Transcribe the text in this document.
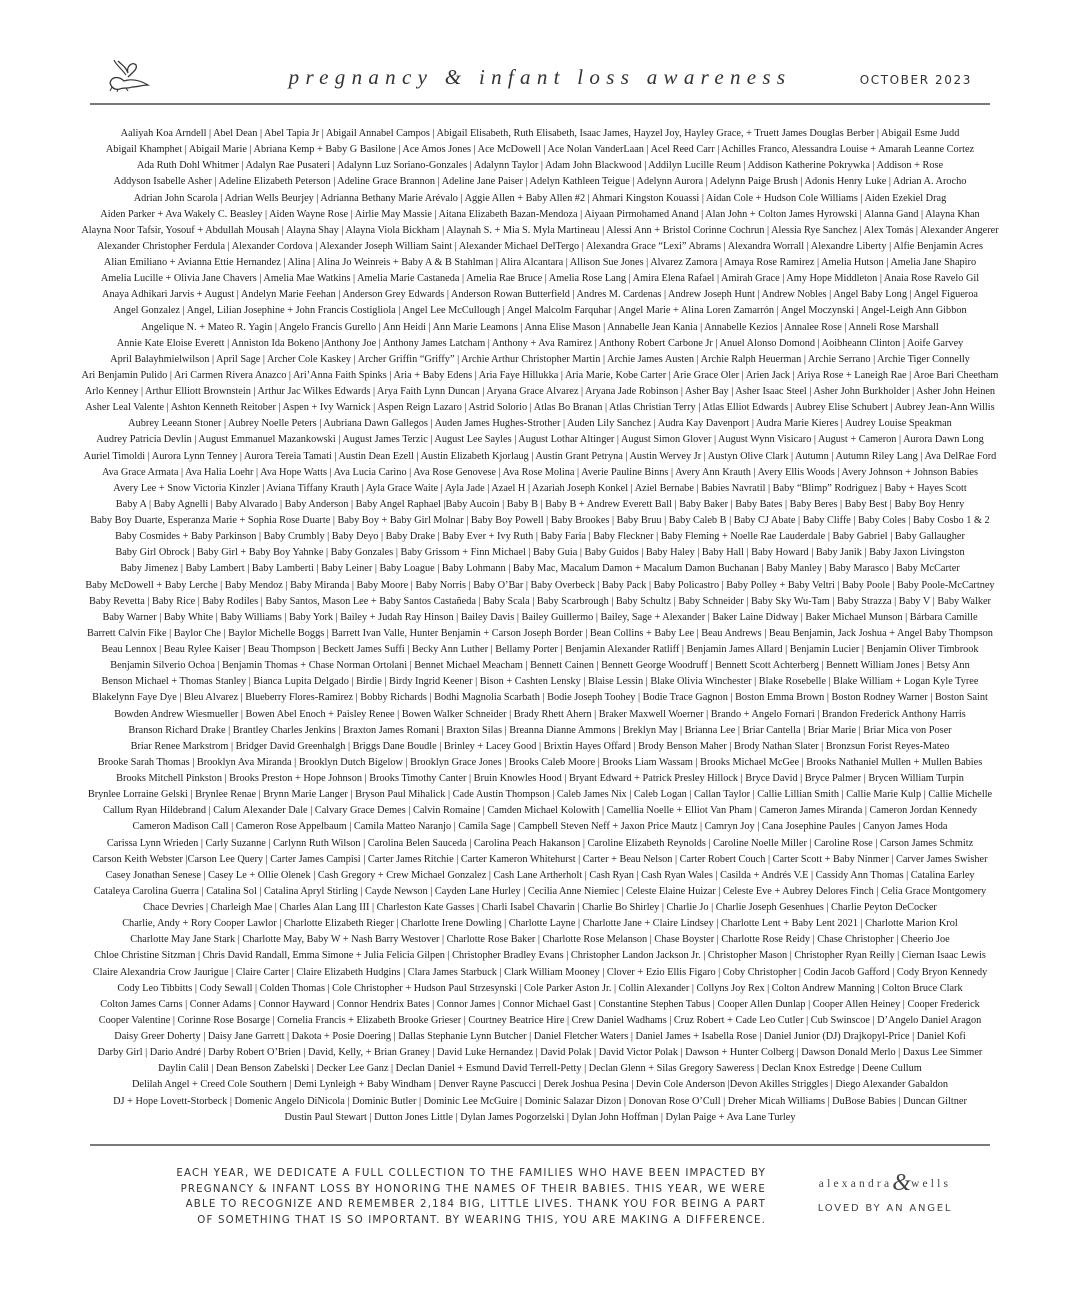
pregnancy & infant loss awareness	OCTOBER 2023
Aaliyah Koa Arndell | Abel Dean | Abel Tapia Jr | Abigail Annabel Campos | Abigail Elisabeth, Ruth Elisabeth, Isaac James, Hayzel Joy, Hayley Grace, + Truett James Douglas Berber | Abigail Esme Judd
Abigail Khamphet | Abigail Marie | Abriana Kemp + Baby G Basilone | Ace Amos Jones | Ace McDowell | Ace Nolan VanderLaan | Acel Reed Carr | Achilles Franco, Alessandra Louise + Amarah Leanne Cortez
Ada Ruth Dohl Whitmer | Adalyn Rae Pusateri | Adalynn Luz Soriano-Gonzales | Adalynn Taylor | Adam John Blackwood | Addilyn Lucille Reum | Addison Katherine Pokrywka | Addison + Rose
Addyson Isabelle Asher | Adeline Elizabeth Peterson | Adeline Grace Brannon | Adeline Jane Paiser | Adelyn Kathleen Teigue | Adelynn Aurora | Adelynn Paige Brush | Adonis Henry Luke | Adrian A. Arocho
Adrian John Scarola | Adrian Wells Beurjey | Adrianna Bethany Marie Arévalo | Aggie Allen + Baby Allen #2 | Ahmari Kingston Kouassi | Aidan Cole + Hudson Cole Williams | Aiden Ezekiel Drag
Aiden Parker + Ava Wakely C. Beasley | Aiden Wayne Rose | Airlie May Massie | Aitana Elizabeth Bazan-Mendoza | Aiyaan Pirmohamed Anand | Alan John + Colton James Hyrowski | Alanna Gand | Alayna Khan
Alayna Noor Tafsir, Yosouf + Abdullah Mousah | Alayna Shay | Alayna Viola Bickham | Alaynah S. + Mia S. Myla Martineau | Alessi Ann + Bristol Corinne Cochrun | Alessia Rye Sanchez | Alex Tomás | Alexander Angerer
Alexander Christopher Ferdula | Alexander Cordova | Alexander Joseph William Saint | Alexander Michael DelTergo | Alexandra Grace “Lexi” Abrams | Alexandra Worrall | Alexandre Liberty | Alfie Benjamin Acres
Alian Emiliano + Avianna Ettie Hernandez | Alina | Alina Jo Weinreis + Baby A & B Stahlman | Alira Alcantara | Allison Sue Jones | Alvarez Zamora | Amaya Rose Ramirez | Amelia Hutson | Amelia Jane Shapiro
Amelia Lucille + Olivia Jane Chavers | Amelia Mae Watkins | Amelia Marie Castaneda | Amelia Rae Bruce | Amelia Rose Lang | Amira Elena Rafael | Amirah Grace | Amy Hope Middleton | Anaia Rose Ravelo Gil
Anaya Adhikari Jarvis + August | Andelyn Marie Feehan | Anderson Grey Edwards | Anderson Rowan Butterfield | Andres M. Cardenas | Andrew Joseph Hunt | Andrew Nobles | Angel Baby Long | Angel Figueroa
Angel Gonzalez | Angel, Lilian Josephine + John Francis Costigliola | Angel Lee McCullough | Angel Malcolm Farquhar | Angel Marie + Alina Loren Zamarrón | Angel Moczynski | Angel-Leigh Ann Gibbon
Angelique N. + Mateo R. Yagin | Angelo Francis Gurello | Ann Heidi | Ann Marie Leamons | Anna Elise Mason | Annabelle Jean Kania | Annabelle Kezios | Annalee Rose | Anneli Rose Marshall
Annie Kate Eloise Everett | Anniston Ida Bokeno |Anthony Joe | Anthony James Latcham | Anthony + Ava Ramirez | Anthony Robert Carbone Jr | Anuel Alonso Domond | Aoibheann Clinton | Aoife Garvey
April Balayhmielwilson | April Sage | Archer Cole Kaskey | Archer Griffin “Griffy” | Archie Arthur Christopher Martin | Archie James Austen | Archie Ralph Heuerman | Archie Serrano | Archie Tiger Connelly
Ari Benjamin Pulido | Ari Carmen Rivera Anazco | Ari’Anna Faith Spinks | Aria + Baby Edens | Aria Faye Hillukka | Aria Marie, Kobe Carter | Arie Grace Oler | Arien Jack | Ariya Rose + Laneigh Rae | Aroe Bari Cheetham
Arlo Kenney | Arthur Elliott Brownstein | Arthur Jac Wilkes Edwards | Arya Faith Lynn Duncan | Aryana Grace Alvarez | Aryana Jade Robinson | Asher Bay | Asher Isaac Steel | Asher John Burkholder | Asher John Heinen
Asher Leal Valente | Ashton Kenneth Reitober | Aspen + Ivy Warnick | Aspen Reign Lazaro | Astrid Solorio | Atlas Bo Branan | Atlas Christian Terry | Atlas Elliot Edwards | Aubrey Elise Schubert | Aubrey Jean-Ann Willis
Aubrey Leeann Stoner | Aubrey Noelle Peters | Aubriana Dawn Gallegos | Auden James Hughes-Strother | Auden Lily Sanchez | Audra Kay Davenport | Audra Marie Kieres | Audrey Louise Speakman
Audrey Patricia Devlin | August Emmanuel Mazankowski | August James Terzic | August Lee Sayles | August Lothar Altinger | August Simon Glover | August Wynn Visicaro | August + Cameron | Aurora Dawn Long
Auriel Timoldi | Aurora Lynn Tenney | Aurora Tereia Tamati | Austin Dean Ezell | Austin Elizabeth Kjorlaug | Austin Grant Petryna | Austin Wervey Jr | Austyn Olive Clark | Autumn | Autumn Riley Lang | Ava DelRae Ford
Ava Grace Armata | Ava Halia Loehr | Ava Hope Watts | Ava Lucia Carino | Ava Rose Genovese | Ava Rose Molina | Averie Pauline Binns | Avery Ann Krauth | Avery Ellis Woods | Avery Johnson + Johnson Babies
Avery Lee + Snow Victoria Kinzler | Aviana Tiffany Krauth | Ayla Grace Waite | Ayla Jade | Azael H | Azariah Joseph Konkel | Aziel Bernabe | Babies Navratil | Baby “Blimp” Rodriguez | Baby + Hayes Scott
Baby A | Baby Agnelli | Baby Alvarado | Baby Anderson | Baby Angel Raphael |Baby Aucoin | Baby B | Baby B + Andrew Everett Ball | Baby Baker | Baby Bates | Baby Beres | Baby Best | Baby Boy Henry
Baby Boy Duarte, Esperanza Marie + Sophia Rose Duarte | Baby Boy + Baby Girl Molnar | Baby Boy Powell | Baby Brookes | Baby Bruu | Baby Caleb B | Baby CJ Abate | Baby Cliffe | Baby Coles | Baby Cosbo 1 & 2
Baby Cosmides + Baby Parkinson | Baby Crumbly | Baby Deyo | Baby Drake | Baby Ever + Ivy Ruth | Baby Faria | Baby Fleckner | Baby Fleming + Noelle Rae Lauderdale | Baby Gabriel | Baby Gallaugher
Baby Girl Obrock | Baby Girl + Baby Boy Yahnke | Baby Gonzales | Baby Grissom + Finn Michael | Baby Guia | Baby Guidos | Baby Haley | Baby Hall | Baby Howard | Baby Janik | Baby Jaxon Livingston
Baby Jimenez | Baby Lambert | Baby Lamberti | Baby Leiner | Baby Loague | Baby Lohmann | Baby Mac, Macalum Damon + Macalum Damon Buchanan | Baby Manley | Baby Marasco | Baby McCarter
Baby McDowell + Baby Lerche | Baby Mendoz | Baby Miranda | Baby Moore | Baby Norris | Baby O’Bar | Baby Overbeck | Baby Pack | Baby Policastro | Baby Polley + Baby Veltri | Baby Poole | Baby Poole-McCartney
Baby Revetta | Baby Rice | Baby Rodiles | Baby Santos, Mason Lee + Baby Santos Castañeda | Baby Scala | Baby Scarbrough | Baby Schultz | Baby Schneider | Baby Sky Wu-Tam | Baby Strazza | Baby V | Baby Walker
Baby Warner | Baby White | Baby Williams | Baby York | Bailey + Judah Ray Hinson | Bailey Davis | Bailey Guillermo | Bailey, Sage + Alexander | Baker Laine Didway | Baker Michael Munson | Bárbara Camille
Barrett Calvin Fike | Baylor Che | Baylor Michelle Boggs | Barrett Ivan Valle, Hunter Benjamin + Carson Joseph Border | Bean Collins + Baby Lee | Beau Andrews | Beau Benjamin, Jack Joshua + Angel Baby Thompson
Beau Lennox | Beau Rylee Kaiser | Beau Thompson | Beckett James Suffi | Becky Ann Luther | Bellamy Porter | Benjamin Alexander Ratliff | Benjamin James Allard | Benjamin Lucier | Benjamin Oliver Timbrook
Benjamin Silverio Ochoa | Benjamin Thomas + Chase Norman Ortolani | Bennet Michael Meacham | Bennett Cainen | Bennett George Woodruff | Bennett Scott Achterberg | Bennett William Jones | Betsy Ann
Benson Michael + Thomas Stanley | Bianca Lupita Delgado | Birdie | Birdy Ingrid Keener | Bison + Cashten Lensky | Blaise Lessin | Blake Olivia Winchester | Blake Rosebelle | Blake William + Logan Kyle Tyree
Blakelynn Faye Dye | Bleu Alvarez | Blueberry Flores-Ramirez | Bobby Richards | Bodhi Magnolia Scarbath | Bodie Joseph Toohey | Bodie Trace Gagnon | Boston Emma Brown | Boston Rodney Warner | Boston Saint
Bowden Andrew Wiesmueller | Bowen Abel Enoch + Paisley Renee | Bowen Walker Schneider | Brady Rhett Ahern | Braker Maxwell Woerner | Brando + Angelo Fornari | Brandon Frederick Anthony Harris
Branson Richard Drake | Brantley Charles Jenkins | Braxton James Romani | Braxton Silas | Breanna Dianne Ammons | Breklyn May | Brianna Lee | Briar Cantella | Briar Marie | Briar Mica von Poser
Briar Renee Markstrom | Bridger David Greenhalgh | Briggs Dane Boudle | Brinley + Lacey Good | Brixtin Hayes Offard | Brody Benson Maher | Brody Nathan Slater | Bronzsun Forist Reyes-Mateo
Brooke Sarah Thomas | Brooklyn Ava Miranda | Brooklyn Dutch Bigelow | Brooklyn Grace Jones | Brooks Caleb Moore | Brooks Liam Wassam | Brooks Michael McGee | Brooks Nathaniel Mullen + Mullen Babies
Brooks Mitchell Pinkston | Brooks Preston + Hope Johnson | Brooks Timothy Canter | Bruin Knowles Hood | Bryant Edward + Patrick Presley Hillock | Bryce David | Bryce Palmer | Brycen William Turpin
Brynlee Lorraine Gelski | Brynlee Renae | Brynn Marie Langer | Bryson Paul Mihalick | Cade Austin Thompson | Caleb James Nix | Caleb Logan | Callan Taylor | Callie Lillian Smith | Callie Marie Kulp | Callie Michelle
Callum Ryan Hildebrand | Calum Alexander Dale | Calvary Grace Demes | Calvin Romaine | Camden Michael Kolowith | Camellia Noelle + Elliot Van Pham | Cameron James Miranda | Cameron Jordan Kennedy
Cameron Madison Call | Cameron Rose Appelbaum | Camila Matteo Naranjo | Camila Sage | Campbell Steven Neff + Jaxon Price Mautz | Camryn Joy | Cana Josephine Paules | Canyon James Hoda
Carissa Lynn Wrieden | Carly Suzanne | Carlynn Ruth Wilson | Carolina Belen Sauceda | Carolina Peach Hakanson | Caroline Elizabeth Reynolds | Caroline Noelle Miller | Caroline Rose | Carson James Schmitz
Carson Keith Webster |Carson Lee Query | Carter James Campisi | Carter James Ritchie | Carter Kameron Whitehurst | Carter + Beau Nelson | Carter Robert Couch | Carter Scott + Baby Ninmer | Carver James Swisher
Casey Jonathan Senese | Casey Le + Ollie Olenek | Cash Gregory + Crew Michael Gonzalez | Cash Lane Artherholt | Cash Ryan | Cash Ryan Wales | Casilda + Andrés V.E | Cassidy Ann Thomas | Catalina Earley
Cataleya Carolina Guerra | Catalina Sol | Catalina Apryl Stirling | Cayde Newson | Cayden Lane Hurley | Cecilia Anne Niemiec | Celeste Elaine Huizar | Celeste Eve + Aubrey Delores Finch | Celia Grace Montgomery
Chace Devries | Charleigh Mae | Charles Alan Lang III | Charleston Kate Gasses | Charli Isabel Chavarin | Charlie Bo Shirley | Charlie Jo | Charlie Joseph Gesenhues | Charlie Peyton DeCocker
Charlie, Andy + Rory Cooper Lawlor | Charlotte Elizabeth Rieger | Charlotte Irene Dowling | Charlotte Layne | Charlotte Jane + Claire Lindsey | Charlotte Lent + Baby Lent 2021 | Charlotte Marion Krol
Charlotte May Jane Stark | Charlotte May, Baby W + Nash Barry Westover | Charlotte Rose Baker | Charlotte Rose Melanson | Chase Boyster | Charlotte Rose Reidy | Chase Christopher | Cheerio Joe
Chloe Christine Sitzman | Chris David Randall, Emma Simone + Julia Felicia Gilpen | Christopher Bradley Evans | Christopher Landon Jackson Jr. | Christopher Mason | Christopher Ryan Reilly | Ciernan Isaac Lewis
Claire Alexandria Crow Jaurigue | Claire Carter | Claire Elizabeth Hudgins | Clara James Starbuck | Clark William Mooney | Clover + Ezio Ellis Figaro | Coby Christopher | Codin Jacob Gafford | Cody Bryon Kennedy
Cody Leo Tibbitts | Cody Sewall | Colden Thomas | Cole Christopher + Hudson Paul Strzesynski | Cole Parker Aston Jr. | Collin Alexander | Collyns Joy Rex | Colton Andrew Manning | Colton Bruce Clark
Colton James Carns | Conner Adams | Connor Hayward | Connor Hendrix Bates | Connor James | Connor Michael Gast | Constantine Stephen Tabus | Cooper Allen Dunlap | Cooper Allen Heiney | Cooper Frederick
Cooper Valentine | Corinne Rose Bosarge | Cornelia Francis + Elizabeth Brooke Grieser | Courtney Beatrice Hire | Crew Daniel Wadhams | Cruz Robert + Cade Leo Cutler | Cub Swinscoe | D’Angelo Daniel Aragon
Daisy Greer Doherty | Daisy Jane Garrett | Dakota + Posie Doering | Dallas Stephanie Lynn Butcher | Daniel Fletcher Waters | Daniel James + Isabella Rose | Daniel Junior (DJ) Drajkopyl-Price | Daniel Kofi
Darby Girl | Dario André | Darby Robert O’Brien | David, Kelly, + Brian Graney | David Luke Hernandez | David Polak | David Victor Polak | Dawson + Hunter Colberg | Dawson Donald Merlo | Daxus Lee Simmer
Daylin Calil | Dean Benson Zabelski | Decker Lee Ganz | Declan Daniel + Esmund David Terrell-Petty | Declan Glenn + Silas Gregory Saweress | Declan Knox Estredge | Deene Cullum
Delilah Angel + Creed Cole Southern | Demi Lynleigh + Baby Windham | Denver Rayne Pascucci | Derek Joshua Pesina | Devin Cole Anderson |Devon Akilles Striggles | Diego Alexander Gabaldon
DJ + Hope Lovett-Storbeck | Domenic Angelo DiNicola | Dominic Butler | Dominic Lee McGuire | Dominic Salazar Dizon | Donovan Rose O’Cull | Dreher Micah Williams | DuBose Babies | Duncan Giltner
Dustin Paul Stewart | Dutton Jones Little | Dylan James Pogorzelski | Dylan John Hoffman | Dylan Paige + Ava Lane Turley
EACH YEAR, WE DEDICATE A FULL COLLECTION TO THE FAMILIES WHO HAVE BEEN IMPACTED BY
PREGNANCY & INFANT LOSS BY HONORING THE NAMES OF THEIR BABIES. THIS YEAR, WE WERE
ABLE TO RECOGNIZE AND REMEMBER 2,184 BIG, LITTLE LIVES. THANK YOU FOR BEING A PART
OF SOMETHING THAT IS SO IMPORTANT. BY WEARING THIS, YOU ARE MAKING A DIFFERENCE.
alexandra&wells
LOVED BY AN ANGEL
